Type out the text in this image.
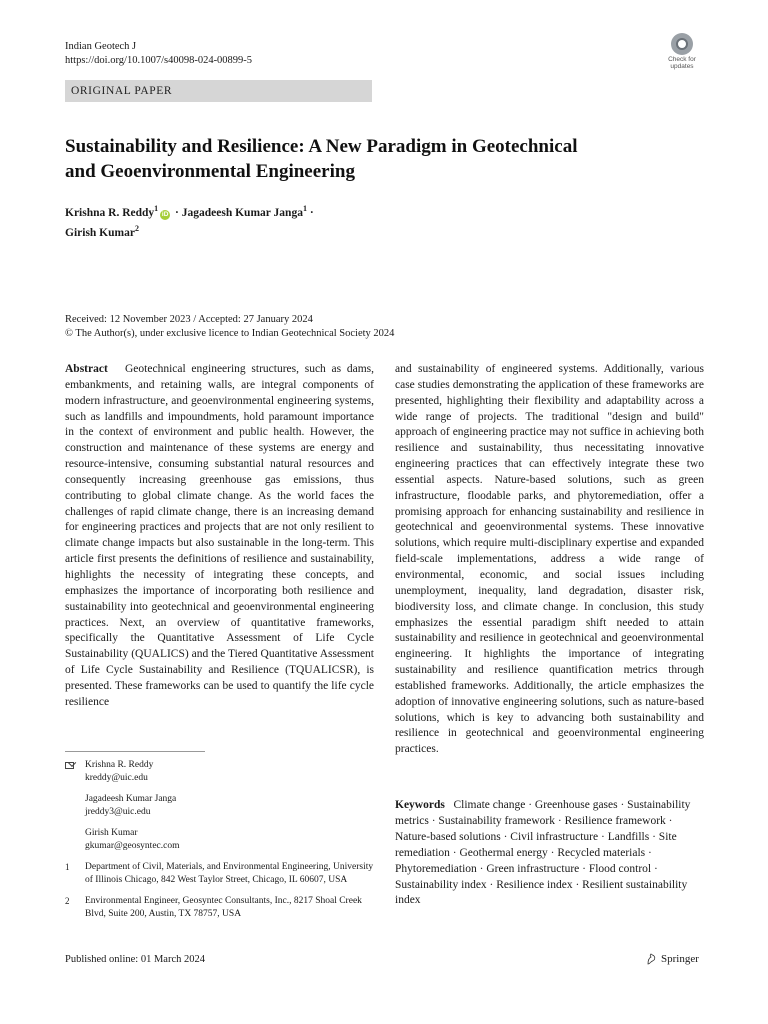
Indian Geotech J
https://doi.org/10.1007/s40098-024-00899-5	Check for
updates
ORIGINAL PAPER
Sustainability and Resilience: A New Paradigm in Geotechnical
and Geoenvironmental Engineering
Krishna R. Reddy$^1$iD · Jagadeesh Kumar Janga$^1$ ·
Girish Kumar$^2$
Received: 12 November 2023 / Accepted: 27 January 2024
© The Author(s), under exclusive licence to Indian Geotechnical Society 2024
Abstract Geotechnical engineering structures, such as dams, embankments, and retaining walls, are integral components of modern infrastructure, and geoenvironmental engineering systems, such as landfills and impoundments, hold paramount importance in the context of environment and public health. However, the construction and maintenance of these systems are energy and resource-intensive, consuming substantial natural resources and consequently increasing greenhouse gas emissions, thus contributing to global climate change. As the world faces the challenges of rapid climate change, there is an increasing demand for engineering practices and projects that are not only resilient to climate change impacts but also sustainable in the long-term. This article first presents the definitions of resilience and sustainability, highlights the necessity of integrating these concepts, and emphasizes the importance of incorporating both resilience and sustainability into geotechnical and geoenvironmental engineering practices. Next, an overview of quantitative frameworks, specifically the Quantitative Assessment of Life Cycle Sustainability (QUALICS) and the Tiered Quantitative Assessment of Life Cycle Sustainability and Resilience (TQUALICSR), is presented. These frameworks can be used to quantify the life cycle resilience
and sustainability of engineered systems. Additionally, various case studies demonstrating the application of these frameworks are presented, highlighting their flexibility and adaptability across a wide range of projects. The traditional "design and build" approach of engineering practice may not suffice in achieving both resilience and sustainability, thus necessitating innovative engineering practices that can effectively integrate these two essential aspects. Nature-based solutions, such as green infrastructure, floodable parks, and phytoremediation, offer a promising approach for enhancing sustainability and resilience in geotechnical and geoenvironmental systems. These innovative solutions, which require multi-disciplinary expertise and expanded field-scale implementations, address a wide range of environmental, economic, and social issues including unemployment, inequality, land degradation, disaster risk, biodiversity loss, and climate change. In conclusion, this study emphasizes the essential paradigm shift needed to attain sustainability and resilience in geotechnical and geoenvironmental engineering. It highlights the importance of integrating sustainability and resilience quantification metrics through established frameworks. Additionally, the article emphasizes the adoption of innovative engineering solutions, such as nature-based solutions, which is key to advancing both sustainability and resilience in geotechnical and geoenvironmental engineering practices.
Krishna R. Reddy
kreddy@uic.edu
Jagadeesh Kumar Janga
jreddy3@uic.edu
Girish Kumar
gkumar@geosyntec.com
1	Department of Civil, Materials, and Environmental Engineering, University of Illinois Chicago, 842 West Taylor Street, Chicago, IL 60607, USA
2	Environmental Engineer, Geosyntec Consultants, Inc., 8217 Shoal Creek Blvd, Suite 200, Austin, TX 78757, USA
Keywords Climate change · Greenhouse gases · Sustainability metrics · Sustainability framework · Resilience framework · Nature-based solutions · Civil infrastructure · Landfills · Site remediation · Geothermal energy · Recycled materials · Phytoremediation · Green infrastructure · Flood control · Sustainability index · Resilience index · Resilient sustainability index
Published online: 01 March 2024	Springer
